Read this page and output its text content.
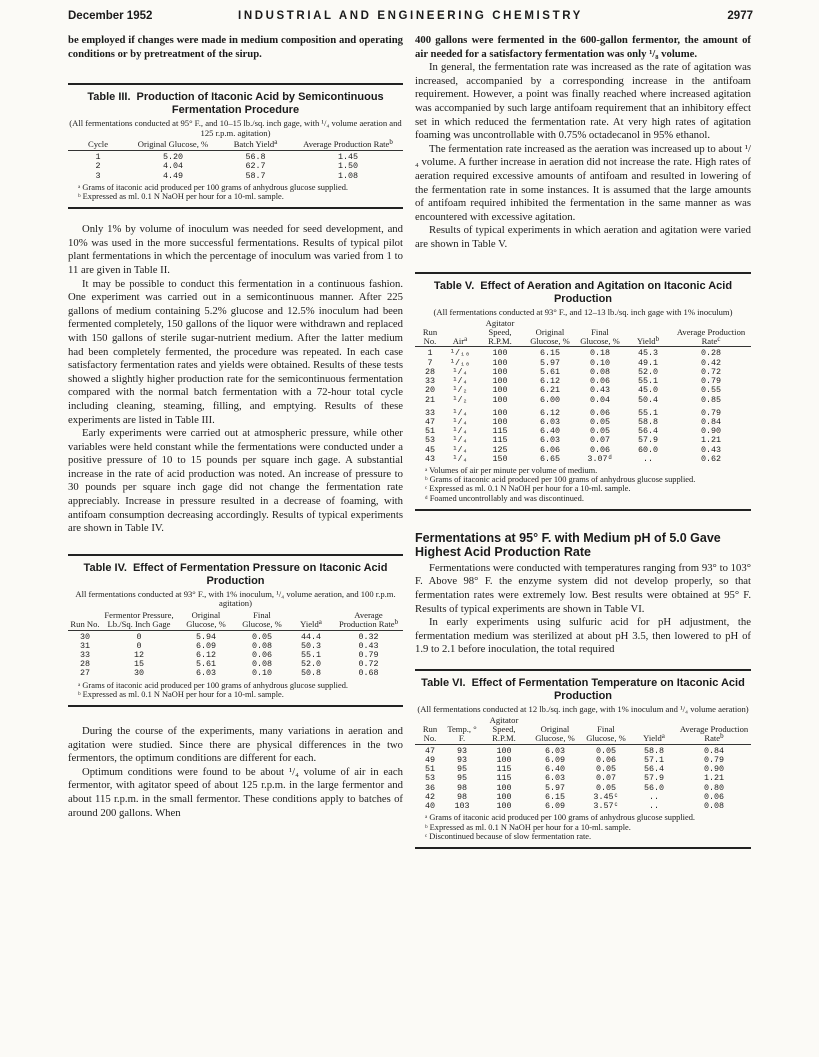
December 1952	INDUSTRIAL AND ENGINEERING CHEMISTRY	2977

be employed if changes were made in medium composition and operating conditions or by pretreatment of the sirup.

Table III. Production of Itaconic Acid by Semicontinuous Fermentation Procedure
(All fermentations conducted at 95° F., and 10–15 lb./sq. inch gage, with ¹/₄ volume aeration and 125 r.p.m. agitation)
Cycle	Original Glucose, %	Batch Yield$^a$	Average Production Rate$^b$
1	5.20	56.8	1.45
2	4.04	62.7	1.50
3	4.49	58.7	1.08
ᵃ Grams of itaconic acid produced per 100 grams of anhydrous glucose supplied.
ᵇ Expressed as ml. 0.1 N NaOH per hour for a 10-ml. sample.

Only 1% by volume of inoculum was needed for seed development, and 10% was used in the more successful fermentations. Results of typical pilot plant fermentations in which the percentage of inoculum was varied from 1 to 11 are given in Table II.

It may be possible to conduct this fermentation in a continuous fashion. One experiment was carried out in a semicontinuous manner. After 225 gallons of medium containing 5.2% glucose and 12.5% inoculum had been fermented completely, 150 gallons of the liquor were withdrawn and replaced with 150 gallons of sterile sugar-nutrient medium. After the latter medium had been completely fermented, the procedure was repeated. In each case satisfactory fermentation rates and yields were obtained. Results of these tests showed a slightly higher production rate for the semicontinuous fermentation compared with the normal batch fermentation with a 72-hour total cycle including cleaning, steaming, filling, and emptying. Results of these experiments are listed in Table III.

Early experiments were carried out at atmospheric pressure, while other variables were held constant while the fermentations were conducted under a positive pressure of 10 to 15 pounds per square inch gage. A substantial increase in the rate of acid production was noted. An increase of pressure to 30 pounds per square inch gage did not change the fermentation rate appreciably. Increase in pressure resulted in a decrease of foaming, with antifoam consumption decreasing accordingly. Results of typical experiments are shown in Table IV.

Table IV. Effect of Fermentation Pressure on Itaconic Acid Production
All fermentations conducted at 93° F., with 1% inoculum, ¹/₄ volume aeration, and 100 r.p.m. agitation)
Run No.	Fermentor Pressure, Lb./Sq. Inch Gage	Original Glucose, %	Final Glucose, %	Yield$^a$	Average Production Rate$^b$
30	0	5.94	0.05	44.4	0.32
31	0	6.09	0.08	50.3	0.43
33	12	6.12	0.06	55.1	0.79
28	15	5.61	0.08	52.0	0.72
27	30	6.03	0.10	50.8	0.68
ᵃ Grams of itaconic acid produced per 100 grams of anhydrous glucose supplied.
ᵇ Expressed as ml. 0.1 N NaOH per hour for a 10-ml. sample.

During the course of the experiments, many variations in aeration and agitation were studied. Since there are physical differences in the two fermentors, the optimum conditions are different for each.

Optimum conditions were found to be about ¹/₄ volume of air in each fermentor, with agitator speed of about 125 r.p.m. in the large fermentor and about 115 r.p.m. in the small fermentor. These conditions apply to batches of around 200 gallons. When

400 gallons were fermented in the 600-gallon fermentor, the amount of air needed for a satisfactory fermentation was only ¹/₈ volume.

In general, the fermentation rate was increased as the rate of agitation was increased, accompanied by a corresponding increase in the antifoam requirement. However, a point was finally reached where increased agitation was accompanied by such large antifoam requirement that an inhibitory effect set in which reduced the fermentation rate. At very high rates of agitation foaming was uncontrollable with 0.75% octadecanol in 95% ethanol.

The fermentation rate increased as the aeration was increased up to about ¹/₄ volume. A further increase in aeration did not increase the rate. High rates of aeration required excessive amounts of antifoam and resulted in lowering of the fermentation rate in some instances. It is assumed that the large amounts of antifoam required inhibited the fermentation in the same manner as was encountered with excessive agitation.

Results of typical experiments in which aeration and agitation were varied are shown in Table V.

Table V. Effect of Aeration and Agitation on Itaconic Acid Production
(All fermentations conducted at 93° F., and 12–13 lb./sq. inch gage with 1% inoculum)
Run No.	Air$^a$	Agitator Speed, R.P.M.	Original Glucose, %	Final Glucose, %	Yield$^b$	Average Production Rate$^c$
1	¹/₁₀	100	6.15	0.18	45.3	0.28
7	¹/₁₀	100	5.97	0.10	49.1	0.42
28	¹/₄	100	5.61	0.08	52.0	0.72
33	¹/₄	100	6.12	0.06	55.1	0.79
20	¹/₂	100	6.21	0.43	45.0	0.55
21	¹/₂	100	6.00	0.04	50.4	0.85
33	¹/₄	100	6.12	0.06	55.1	0.79
47	¹/₄	100	6.03	0.05	58.8	0.84
51	¹/₄	115	6.40	0.05	56.4	0.90
53	¹/₄	115	6.03	0.07	57.9	1.21
45	¹/₄	125	6.06	0.06	60.0	0.43
43	¹/₄	150	6.65	3.07ᵈ	..	0.62
ᵃ Volumes of air per minute per volume of medium.
ᵇ Grams of itaconic acid produced per 100 grams of anhydrous glucose supplied.
ᶜ Expressed as ml. 0.1 N NaOH per hour for a 10-ml. sample.
ᵈ Foamed uncontrollably and was discontinued.
Fermentations at 95° F. with Medium pH of 5.0 Gave Highest Acid Production Rate

Fermentations were conducted with temperatures ranging from 93° to 103° F. Above 98° F. the enzyme system did not develop properly, so that fermentation rates were extremely low. Best results were obtained at 95° F. Results of typical experiments are shown in Table VI.

In early experiments using sulfuric acid for pH adjustment, the fermentation medium was sterilized at about pH 3.5, then lowered to pH of 1.9 to 2.1 before inoculation, the total required

Table VI. Effect of Fermentation Temperature on Itaconic Acid Production
(All fermentations conducted at 12 lb./sq. inch gage, with 1% inoculum and ¹/₄ volume aeration)
Run No.	Temp., ° F.	Agitator Speed, R.P.M.	Original Glucose, %	Final Glucose, %	Yield$^a$	Average Production Rate$^b$
47	93	100	6.03	0.05	58.8	0.84
49	93	100	6.09	0.06	57.1	0.79
51	95	115	6.40	0.05	56.4	0.90
53	95	115	6.03	0.07	57.9	1.21
36	98	100	5.97	0.05	56.0	0.80
42	98	100	6.15	3.45ᶜ	..	0.06
40	103	100	6.09	3.57ᶜ	..	0.08
ᵃ Grams of itaconic acid produced per 100 grams of anhydrous glucose supplied.
ᵇ Expressed as ml. 0.1 N NaOH per hour for a 10-ml. sample.
ᶜ Discontinued because of slow fermentation rate.
